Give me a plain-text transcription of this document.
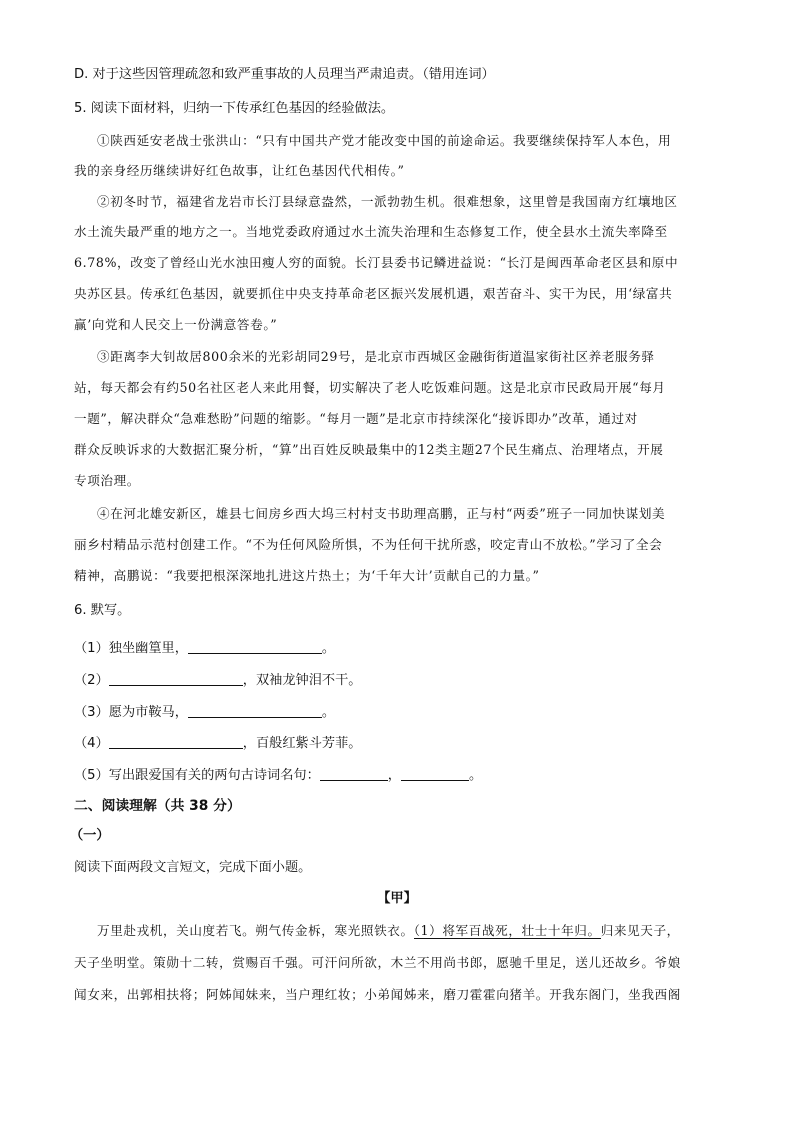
D. 对于这些因管理疏忽和致严重事故的人员理当严肃追责。（错用连词）
5. 阅读下面材料，归纳一下传承红色基因的经验做法。
①陕西延安老战士张洪山：“只有中国共产党才能改变中国的前途命运。我要继续保持军人本色，用
我的亲身经历继续讲好红色故事，让红色基因代代相传。”
②初冬时节，福建省龙岩市长汀县绿意盎然，一派勃勃生机。很难想象，这里曾是我国南方红壤地区
水土流失最严重的地方之一。当地党委政府通过水土流失治理和生态修复工作，使全县水土流失率降至
6.78%，改变了曾经山光水浊田瘦人穷的面貌。长汀县委书记鳞进益说：“长汀是闽西革命老区县和原中
央苏区县。传承红色基因，就要抓住中央支持革命老区振兴发展机遇，艰苦奋斗、实干为民，用‘绿富共
赢’向党和人民交上一份满意答卷。”
③距离李大钊故居800余米的光彩胡同29号，是北京市西城区金融街街道温家街社区养老服务驿
站，每天都会有约50名社区老人来此用餐，切实解决了老人吃饭难问题。这是北京市民政局开展“每月
一题”，解决群众“急难愁盼”问题的缩影。“每月一题”是北京市持续深化“接诉即办”改革，通过对
群众反映诉求的大数据汇聚分析，“算”出百姓反映最集中的12类主题27个民生痛点、治理堵点，开展
专项治理。
④在河北雄安新区，雄县七间房乡西大坞三村村支书助理高鹏，正与村“两委”班子一同加快谋划美
丽乡村精品示范村创建工作。“不为任何风险所惧，不为任何干扰所惑，咬定青山不放松。”学习了全会
精神，高鹏说：“我要把根深深地扎进这片热土；为‘千年大计’贡献自己的力量。”
6. 默写。
（1）独坐幽篁里，	。
（2）	，双袖龙钟泪不干。
（3）愿为市鞍马，	。
（4）	，百般红紫斗芳菲。
（5）写出跟爱国有关的两句古诗词名句：	，	。
二、阅读理解（共 38 分）
（一）
阅读下面两段文言短文，完成下面小题。
【甲】
万里赴戎机，关山度若飞。朔气传金柝，寒光照铁衣。（1）将军百战死，壮士十年归。归来见天子，
天子坐明堂。策勋十二转，赏赐百千强。可汗问所欲，木兰不用尚书郎，愿驰千里足，送儿还故乡。爷娘
闻女来，出郭相扶将；阿姊闻妹来，当户理红妆；小弟闻姊来，磨刀霍霍向猪羊。开我东阁门，坐我西阁
